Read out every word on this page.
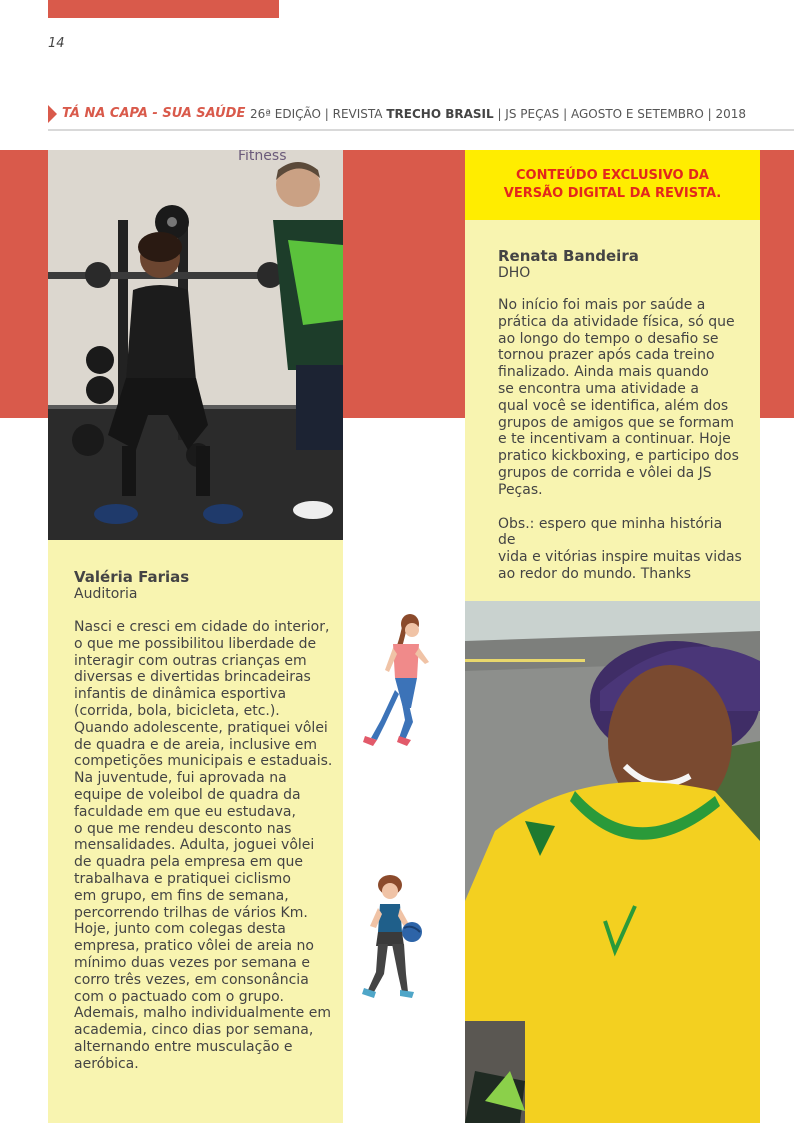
14
TÁ NA CAPA - SUA SAÚDE 26ª EDIÇÃO | REVISTA TRECHO BRASIL | JS PEÇAS | AGOSTO E SETEMBRO | 2018
Fitness
CONTEÚDO EXCLUSIVO DA VERSÃO DIGITAL DA REVISTA.
Renata Bandeira
DHO
No início foi mais por saúde a
prática da atividade física, só que
ao longo do tempo o desafio se
tornou prazer após cada treino
finalizado. Ainda mais quando
se encontra uma atividade a
qual você se identifica, além dos
grupos de amigos que se formam
e te incentivam a continuar. Hoje
pratico kickboxing, e participo dos
grupos de corrida e vôlei da JS
Peças.
Obs.: espero que minha história de
vida e vitórias inspire muitas vidas
ao redor do mundo. Thanks
Valéria Farias
Auditoria
Nasci e cresci em cidade do interior,
o que me possibilitou liberdade de
interagir com outras crianças em
diversas e divertidas brincadeiras
infantis de dinâmica esportiva
(corrida, bola, bicicleta, etc.).
Quando adolescente, pratiquei vôlei
de quadra e de areia, inclusive em
competições municipais e estaduais.
Na juventude, fui aprovada na
equipe de voleibol de quadra da
faculdade em que eu estudava,
o que me rendeu desconto nas
mensalidades. Adulta, joguei vôlei
de quadra pela empresa em que
trabalhava e pratiquei ciclismo
em grupo, em fins de semana,
percorrendo trilhas de vários Km.
Hoje, junto com colegas desta
empresa, pratico vôlei de areia no
mínimo duas vezes por semana e
corro três vezes, em consonância
com o pactuado com o grupo.
Ademais, malho individualmente em
academia, cinco dias por semana,
alternando entre musculação e
aeróbica.
